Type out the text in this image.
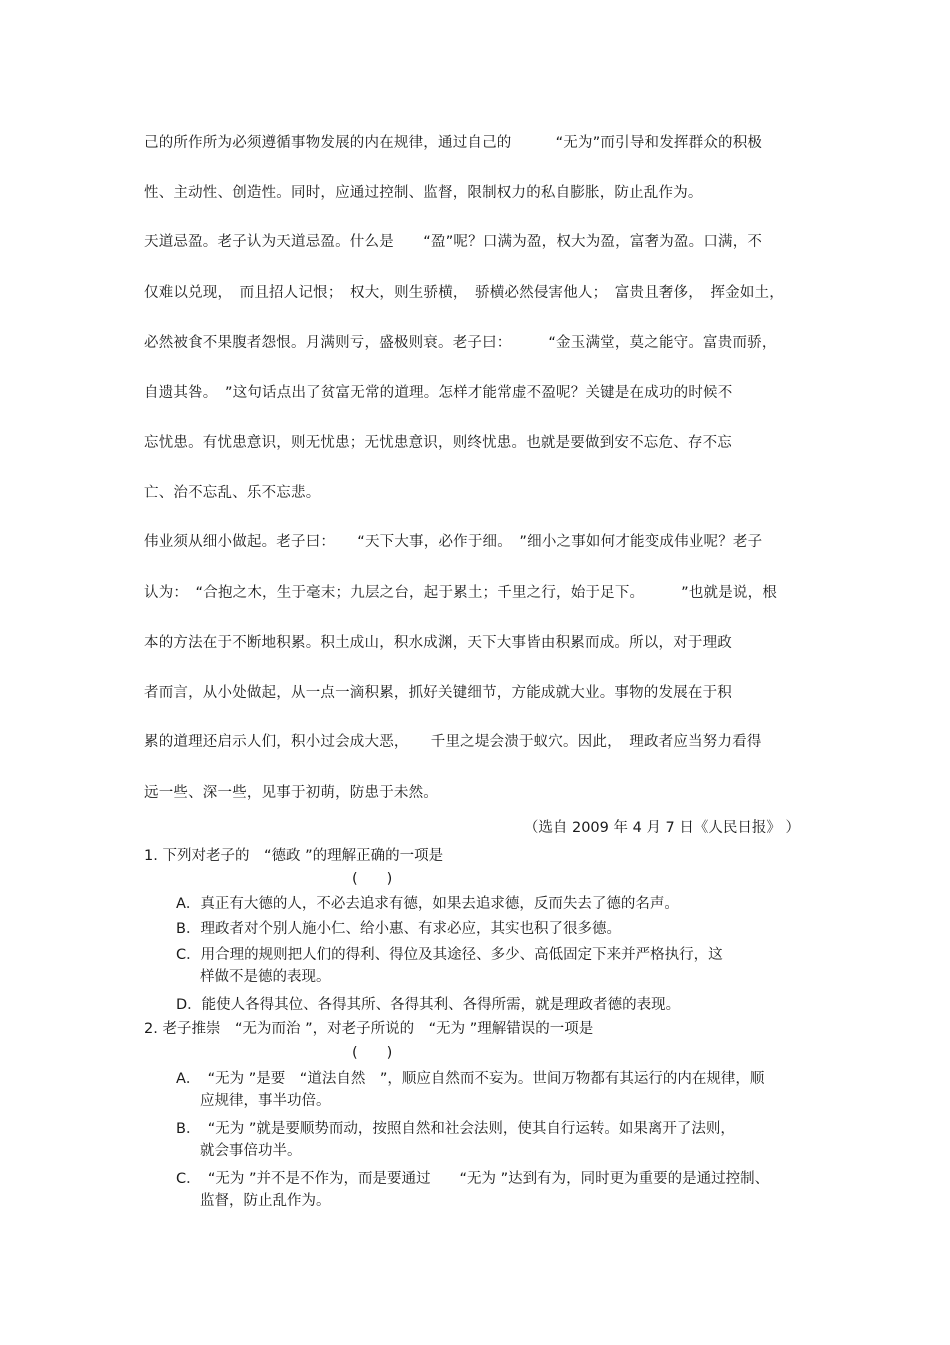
己的所作所为必须遵循事物发展的内在规律，通过自己的　　　“无为”而引导和发挥群众的积极
性、主动性、创造性。同时，应通过控制、监督，限制权力的私自膨胀，防止乱作为。
天道忌盈。老子认为天道忌盈。什么是　　“盈”呢？口满为盈，权大为盈，富奢为盈。口满，不
仅难以兑现，　而且招人记恨；　权大，则生骄横，　骄横必然侵害他人；　富贵且奢侈，　挥金如土，
必然被食不果腹者怨恨。月满则亏，盛极则衰。老子曰：　　　“金玉满堂，莫之能守。富贵而骄，
自遗其咎。　”这句话点出了贫富无常的道理。怎样才能常虚不盈呢？关键是在成功的时候不
忘忧患。有忧患意识，则无忧患；无忧患意识，则终忧患。也就是要做到安不忘危、存不忘
亡、治不忘乱、乐不忘悲。
伟业须从细小做起。老子曰：　　“天下大事，必作于细。　”细小之事如何才能变成伟业呢？老子
认为：　“合抱之木，生于毫末；九层之台，起于累土；千里之行，始于足下。　　　”也就是说，根
本的方法在于不断地积累。积土成山，积水成渊，天下大事皆由积累而成。所以，对于理政
者而言，从小处做起，从一点一滴积累，抓好关键细节，方能成就大业。事物的发展在于积
累的道理还启示人们，积小过会成大恶，　　千里之堤会溃于蚁穴。因此，　理政者应当努力看得
远一些、深一些，见事于初萌，防患于未然。
（选自 2009 年 4 月 7 日《人民日报》 ）
1. 下列对老子的　“德政 ”的理解正确的一项是
(　　)
A．真正有大德的人，不必去追求有德，如果去追求德，反而失去了德的名声。
B．理政者对个别人施小仁、给小惠、有求必应，其实也积了很多德。
C．用合理的规则把人们的得利、得位及其途径、多少、高低固定下来并严格执行，这
样做不是德的表现。
D．能使人各得其位、各得其所、各得其利、各得所需，就是理政者德的表现。
2. 老子推崇　“无为而治 ”，对老子所说的　“无为 ”理解错误的一项是
(　　)
A．　“无为 ”是要　“道法自然　”，顺应自然而不妄为。世间万物都有其运行的内在规律，顺
应规律，事半功倍。
B．　“无为 ”就是要顺势而动，按照自然和社会法则，使其自行运转。如果离开了法则，
就会事倍功半。
C．　“无为 ”并不是不作为，而是要通过　　“无为 ”达到有为，同时更为重要的是通过控制、
监督，防止乱作为。
